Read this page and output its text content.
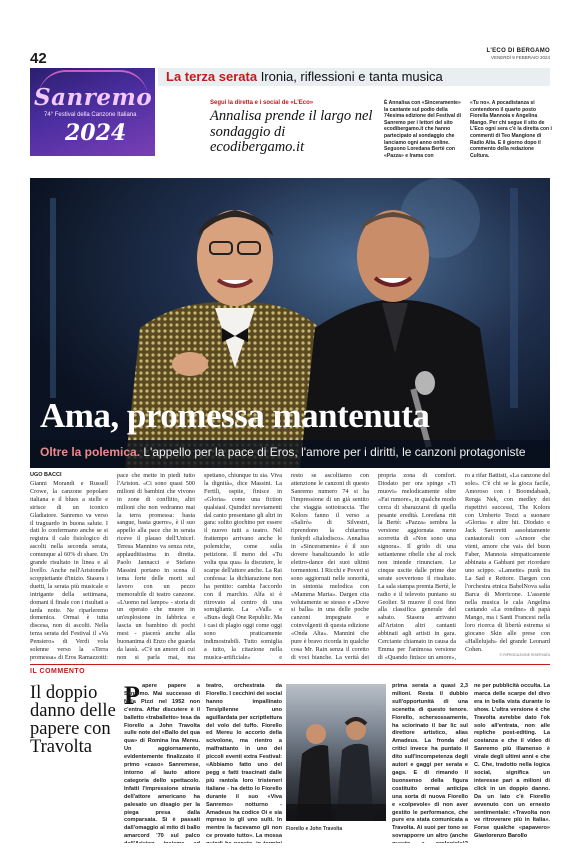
42	L'ECO DI BERGAMO
VENERDÌ 9 FEBBRAIO 2024
Sanremo
74° Festival della Canzone Italiana
2024
La terza serata Ironia, riflessioni e tanta musica
Segui la diretta e i social de «L'Eco»
Annalisa prende il largo nel sondaggio di ecodibergamo.it
È Annalisa con «Sinceramente» la cantante sul podio della 74esima edizione del Festival di Sanremo per i lettori del sito ecodibergamo.it che hanno partecipato al sondaggio che lanciamo ogni anno online. Seguono Loredana Bertè con «Pazza» e Irama con
«Tu no». A pocadistanza si contendono il quarto posto Fiorella Mannoia e Angelina Mango. Per chi segue il sito de L'Eco ogni sera c'è la diretta con i commenti di Teo Mangione di Radio Alta. E il giorno dopo il commento della redazione Cultura.
Ama, promessa mantenuta
Oltre la polemica. L'appello per la pace di Eros, l'amore per i diritti, le canzoni protagoniste
UGO BACCI

Gianni Morandi e Russell Crowe, la canzone popolare italiana e il blues a stelle e strisce di un iconico Gladiatore. Sanremo va verso il traguardo in buona salute. I dati lo confermano anche se si registra il calo fisiologico di ascolti nella seconda serata, comunque al 60% di share. Un grande risultato in linea e al livello. Anche nell'Aristonello scoppiettante d'inizio. Stasera i duetti, la serata più musicale e intrigante della settimana, domani il finale con i risultati a tarda notte. Ne riparleremo domenica. Ormai è tutta discesa, non di ascolti. Nella terza serata del Festival il «Va Pensiero» di Verdi vola solenne verso la «Terra promessa» di Eros Ramazzotti:

pace che mette in piedi tutto l'Ariston. «Ci sono quasi 500 milioni di bambini che vivono in zone di conflitto, altri milioni che non vedranno mai la terra promessa: basta sangue, basta guerre», è il suo appello alla pace che in serata riceve il plauso dell'Unicef. Teresa Mannino va senza rete, applauditissima in diretta. Paolo Jannacci e Stefano Massini portano in scena il tema forte delle morti sul lavoro con un pezzo memorabile di teatro canzone. «L'uomo nel lampo» - storia di un operaio che muore in un'esplosione in fabbrica e lascia un bambino di pochi mesi - piacerà anche alla buonanima di Enzo che guarda da lassù. «C'è un amore di cui non si parla mai, ma

spettano, chiunque tu sia. Viva la dignità», dice Massini. La Fertili, ospite, finisce in «Gloria» come una fiction qualsiasi. Quindici ravviamenti dal canto presentano gli altri in gara: solito giochino per essere il nuovo tutti a teatro. Nel frattempo arrivano anche le polemiche, come sulla petizione. Il meno del «Tu volta qua qua» fa discutere, le scarpe dell'attore anche. La Rai confessa: la dichiarazione non ha pentito: cambia l'accordo con il marchio. Alfa si è ritrovato al centro di una somigliante. La «Vall» e «Bun» degli One Republic. Ma i casi di plagio oggi come oggi sono praticamente indimostrabili. Tutto somiglia a tutto, la citazione nella musica-artificiale» e

resto se ascoltiamo con attenzione le canzoni di questo Sanremo numero 74 si ha l'impressione di un già sentito che viaggia sottotraccia. The Kolors fanno il verso a «Salirò» di Silvestri, riprendono la chitarrina funkydi «Italodisco». Annalisa in «Sinceramente» è il suo dovere banalizzando lo stile elettro-dance dei suoi ultimi tormentoni. I Ricchi e Poveri si sono aggiornati nelle sonorità, in sintonia melodica con «Mamma Maria». Dargen cita volutamente se stesso e «Dove si balla» in una delle poche canzoni impegnate e coinvolgenti di questa edizione «Onda Alta». Mannini che pure è bravo ricorda in qualche cosa Mr. Rain senza il coretto di voci bianche. La verità dei

propria zona di comfort. Diodato per ora spinge «Ti muovi» melodicamente oltre «Fai rumore», in qualche modo cerca di sbarazzarsi di quella pesante eredità. Loredana ritt la Bertè: «Pazza» sembra la versione aggiornata meno scorretta di «Non sono una signora». Il grido di una settantenne ribelle che al rock non intende rinunciare. Le cinque uscite dalle prime due serate sovvertono il risultato. La sala stampa premia Bertè, le radio e il televoto puntano su Geolier. Si muove il cosi fino alla classifica generale del sabato. Stasera arrivano all'Ariston altri cantanti abbinati agli artisti in gara. Cerciante chiamato in causa da Emma per l'animosa versione di «Quando finisce un amore»,

ro a rifar Battisti, «La canzone del sole». C'è chi se la gioca facile, Amoroso con i Boomdabash, Renga Nek, con medley dei rispettivi successi, The Kolors con Umberto Tozzi a suonare «Gloria» e altre hit. Diodato e Jack Savoretti assolutamente cantautorali con «Amore che vieni, amore che vai» del buon Faber, Mannoia simpaticamente abbinata a Gabbani per ricordare uno scippo. «Lamette» punk tra La Sad e Rettore. Dargen con l'orchestra etnica BabelNova salta Barca di Morricone. L'assente nella musica le cala Angelina cantando «La rondine» di papà Mango, ma i Santi Francesi nella loro ricerca di libertà estrema si giocano Skin alle prese con «Hallelujah» del grande Leonard Cohen.

© RIPRODUZIONE RISERVATA
IL COMMENTO
Il doppio danno delle papere con Travolta
P apere papere a Sanremo. Mai successo di Nilla Pizzi nel 1952 non c'entra. Affar discutere è il balletto «traballetto» tesa da Fiorello a John Travolta sulle note del «Ballo del qua qua» di Romina Ina Mereu. Un aggiornamento, evidentemente finalizzato il primo «caso» Sanremese, intorno al lauto attore categoria dello spettacolo. Infatti l'impressione strania dell'attore americano ha palesato un disagio per la piega presa dalla comparsata. Si è passati dall'omaggio al mito di ballo amarcord '70 sul palco
teatro, orchestrata da Fiorello. I cecchini dei social hanno impallinato Tersipllenne uno aguillardata per scriptlettura del volo del tuffo. Fiorello ed Mereu lo accorto della scivolone, ma rientro a malfrattanto in uno dei piccoli eventi extra Festival: «Abbiamo fatto uno del pegg e fatti trascinati dalle più rantola loro tristeneri italiane - ha detto lo Fiorello durante il suo «Viva Sanremo» notturno - Amadeus ha codice Oi e sia mpreso io gli uno sulti. In mentre la facevamo gli non ce provato tutto». La mossa
Fiorello e John Travolta
prima serata a quasi 2,3 milioni. Resta il dubbio sull'opportunità di una scenetta di questo tenore. Fiorello, schersossamente, ha sciorinato il bar lic sul direttore artistico, alias Amadeus. La fronda del critici invece ha puntato il dito sull'incompetenza degli autori e gaggi per serata e gags. E di rimando il buonsenso della figura costituito ormai anticipa una sorta di nuova Fiorello e «colpevole» di non aver gestito le performance, che pure era stata comunicata a Travolta. Ai suoi per tono se sovrapporre un altro (anche
ne per pubblicità occulta. La marca delle scarpe del divo era in bella vista durante lo show. L'ultra versione è che Travolta avrebbe dato l'ok solo all'entrata, non alle repliche post-editing. La costanza e che il video di Sanremo più illamenso è virale degli ultimi anni e che C. Che, tradotto nella logica social, significa un interesse pari a milioni di click in un doppio danno. Da un lato c'è Fiorello avvenuto con un ernesto sentimentale: «Travolta non ve ritroverare più in Italia». Forse qualche «papavero»
Gianlorenzo Barollo
